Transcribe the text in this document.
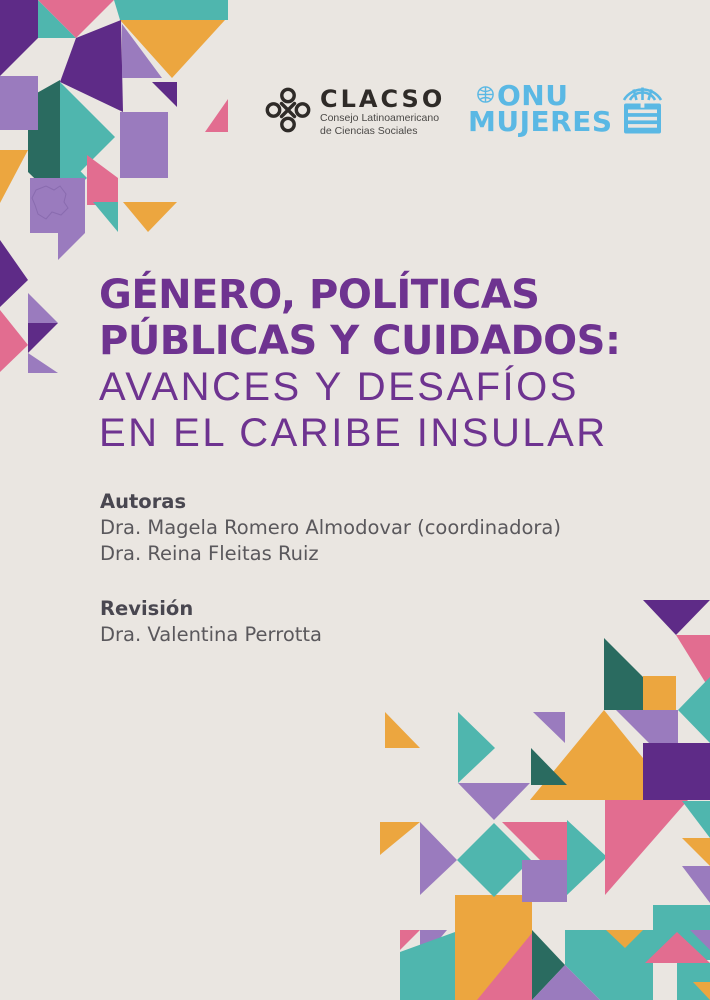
CLACSO
Consejo Latinoamericano
de Ciencias Sociales
ONU
MUJERES
GÉNERO, POLÍTICAS
PÚBLICAS Y CUIDADOS:
AVANCES Y DESAFÍOS
EN EL CARIBE INSULAR
Autoras
Dra. Magela Romero Almodovar (coordinadora)
Dra. Reina Fleitas Ruiz
Revisión
Dra. Valentina Perrotta
